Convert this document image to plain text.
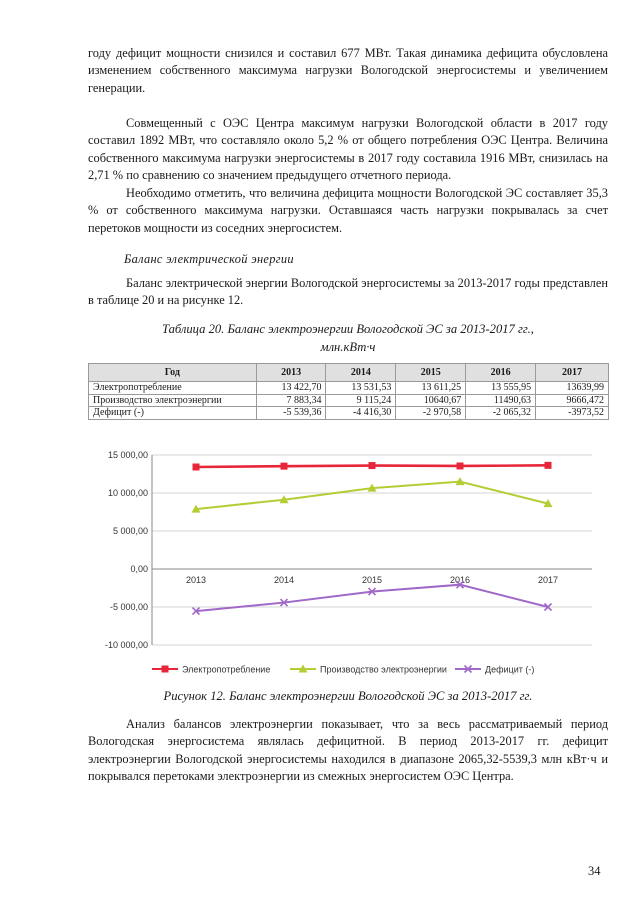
году дефицит мощности снизился и составил 677 МВт. Такая динамика дефицита обусловлена изменением собственного максимума нагрузки Вологодской энергосистемы и увеличением генерации.

Совмещенный с ОЭС Центра максимум нагрузки Вологодской области в 2017 году составил 1892 МВт, что составляло около 5,2 % от общего потребления ОЭС Центра. Величина собственного максимума нагрузки энергосистемы в 2017 году составила 1916 МВт, снизилась на 2,71 % по сравнению со значением предыдущего отчетного периода.

Необходимо отметить, что величина дефицита мощности Вологодской ЭС составляет 35,3 % от собственного максимума нагрузки. Оставшаяся часть нагрузки покрывалась за счет перетоков мощности из соседних энергосистем.

Баланс электрической энергии

Баланс электрической энергии Вологодской энергосистемы за 2013-2017 годы представлен в таблице 20 и на рисунке 12.

Таблица 20. Баланс электроэнергии Вологодской ЭС за 2013-2017 гг.,

млн.кВт·ч

Год	2013	2014	2015	2016	2017
Электропотребление	13 422,70	13 531,53	13 611,25	13 555,95	13639,99
Производство электроэнергии	7 883,34	9 115,24	10640,67	11490,63	9666,472
Дефицит (-)	-5 539,36	-4 416,30	-2 970,58	-2 065,32	-3973,52
15 000,00
10 000,00
5 000,00
0,00
-5 000,00
-10 000,00
2013	2014	2015	2016	2017
Электропотребление	Производство электроэнергии	Дефицит (-)

Рисунок 12. Баланс электроэнергии Вологодской ЭС за 2013-2017 гг.

Анализ балансов электроэнергии показывает, что за весь рассматриваемый период Вологодская энергосистема являлась дефицитной. В период 2013-2017 гг. дефицит электроэнергии Вологодской энергосистемы находился в диапазоне 2065,32-5539,3 млн кВт·ч и покрывался перетоками электроэнергии из смежных энергосистем ОЭС Центра.

34
